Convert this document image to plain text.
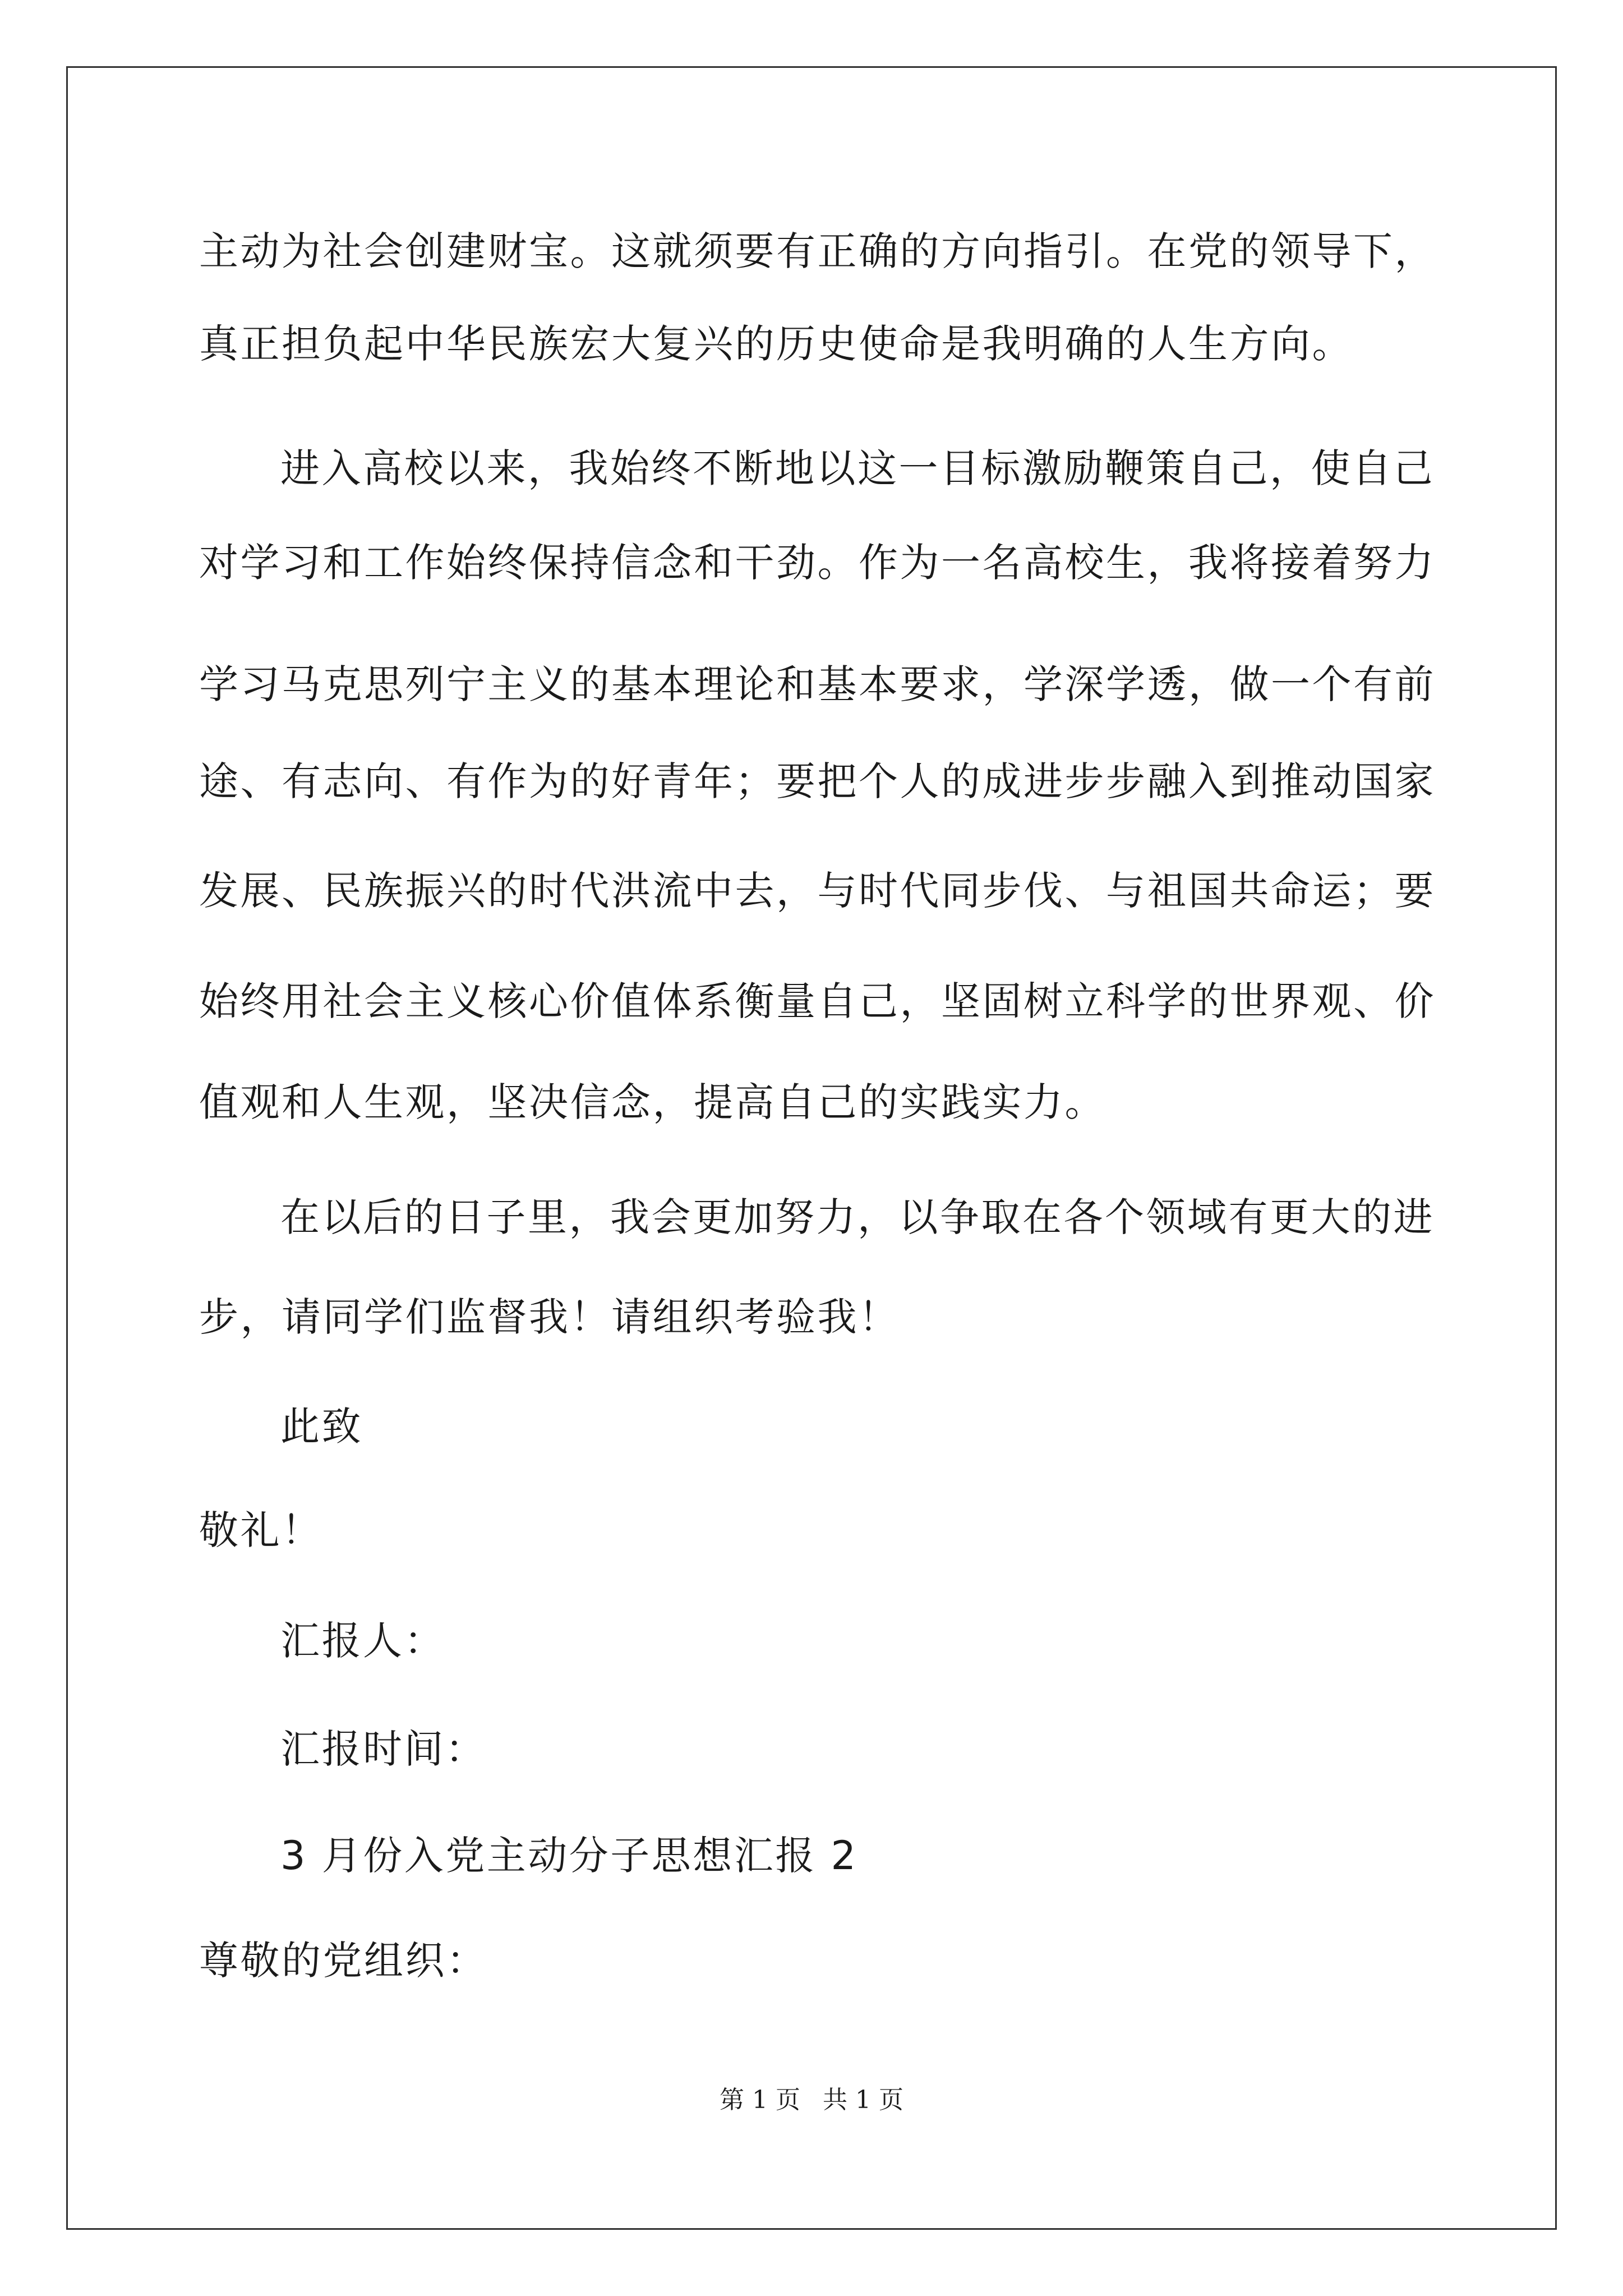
主动为社会创建财宝。这就须要有正确的方向指引。在党的领导下，
真正担负起中华民族宏大复兴的历史使命是我明确的人生方向。
进入高校以来，我始终不断地以这一目标激励鞭策自己，使自己
对学习和工作始终保持信念和干劲。作为一名高校生，我将接着努力
学习马克思列宁主义的基本理论和基本要求，学深学透，做一个有前
途、有志向、有作为的好青年；要把个人的成进步步融入到推动国家
发展、民族振兴的时代洪流中去，与时代同步伐、与祖国共命运；要
始终用社会主义核心价值体系衡量自己，坚固树立科学的世界观、价
值观和人生观，坚决信念，提高自己的实践实力。
在以后的日子里，我会更加努力，以争取在各个领域有更大的进
步，请同学们监督我！请组织考验我！
此致
敬礼！
汇报人：
汇报时间：
3 月份入党主动分子思想汇报 2
尊敬的党组织：
第 1 页 共 1 页
